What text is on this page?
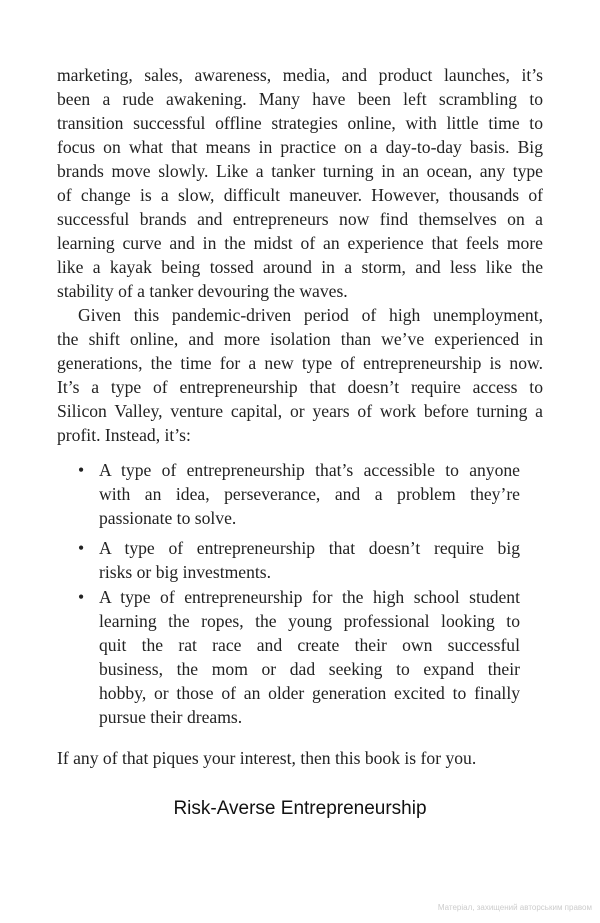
marketing, sales, awareness, media, and product launches, it’s
been a rude awakening. Many have been left scrambling to
transition successful offline strategies online, with little time to
focus on what that means in practice on a day-to-day basis. Big
brands move slowly. Like a tanker turning in an ocean, any type
of change is a slow, difficult maneuver. However, thousands of
successful brands and entrepreneurs now find themselves on a
learning curve and in the midst of an experience that feels more
like a kayak being tossed around in a storm, and less like the
stability of a tanker devouring the waves.
Given this pandemic-driven period of high unemployment,
the shift online, and more isolation than we’ve experienced in
generations, the time for a new type of entrepreneurship is now.
It’s a type of entrepreneurship that doesn’t require access to
Silicon Valley, venture capital, or years of work before turning a
profit. Instead, it’s:
• A type of entrepreneurship that’s accessible to anyone
with an idea, perseverance, and a problem they’re
passionate to solve.
• A type of entrepreneurship that doesn’t require big
risks or big investments.
• A type of entrepreneurship for the high school student
learning the ropes, the young professional looking to
quit the rat race and create their own successful
business, the mom or dad seeking to expand their
hobby, or those of an older generation excited to finally
pursue their dreams.
If any of that piques your interest, then this book is for you.
Risk-Averse Entrepreneurship
Матеріал, захищений авторським правом
